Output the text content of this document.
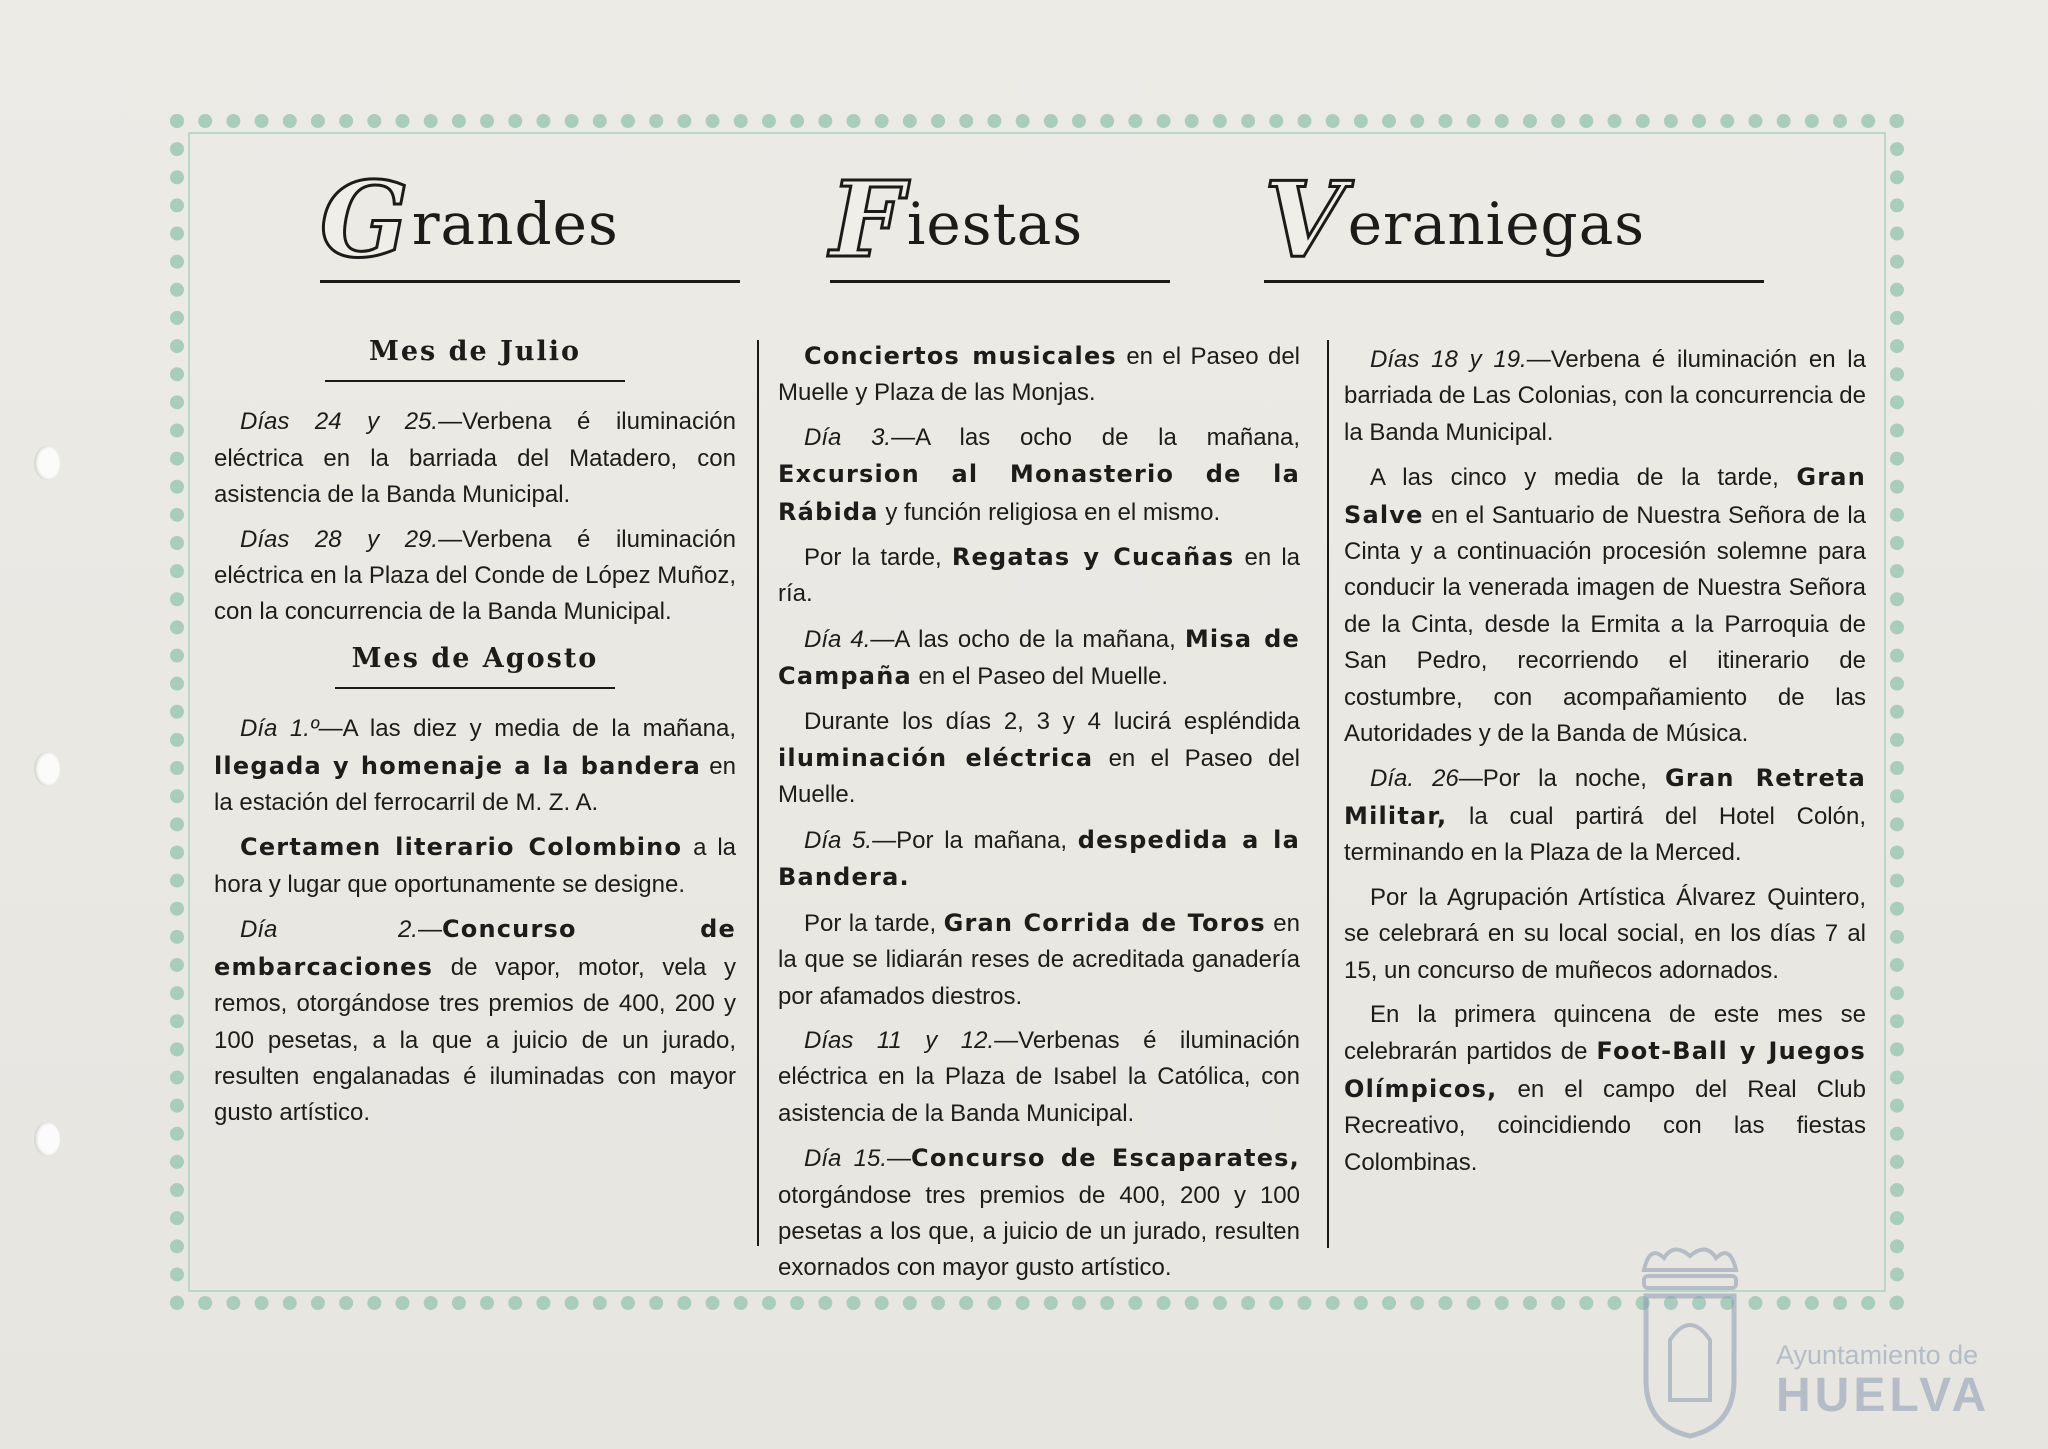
Grandes	Fiestas	Veraniegas
Mes de Julio

Días 24 y 25.—Verbena é iluminación eléctrica en la barriada del Matadero, con asistencia de la Banda Municipal.

Días 28 y 29.—Verbena é iluminación eléctrica en la Plaza del Conde de López Muñoz, con la concurrencia de la Banda Municipal.

Mes de Agosto

Día 1.º—A las diez y media de la mañana, llegada y homenaje a la bandera en la estación del ferrocarril de M. Z. A.

Certamen literario Colombino a la hora y lugar que oportunamente se designe.

Día 2.—Concurso de embarcaciones de vapor, motor, vela y remos, otorgándose tres premios de 400, 200 y 100 pesetas, a la que a juicio de un jurado, resulten engalanadas é iluminadas con mayor gusto artístico.

Conciertos musicales en el Paseo del Muelle y Plaza de las Monjas.

Día 3.—A las ocho de la mañana, Excursion al Monasterio de la Rábida y función religiosa en el mismo.

Por la tarde, Regatas y Cucañas en la ría.

Día 4.—A las ocho de la mañana, Misa de Campaña en el Paseo del Muelle.

Durante los días 2, 3 y 4 lucirá espléndida iluminación eléctrica en el Paseo del Muelle.

Día 5.—Por la mañana, despedida a la Bandera.

Por la tarde, Gran Corrida de Toros en la que se lidiarán reses de acreditada ganadería por afamados diestros.

Días 11 y 12.—Verbenas é iluminación eléctrica en la Plaza de Isabel la Católica, con asistencia de la Banda Municipal.

Día 15.—Concurso de Escaparates, otorgándose tres premios de 400, 200 y 100 pesetas a los que, a juicio de un jurado, resulten exornados con mayor gusto artístico.

Días 18 y 19.—Verbena é iluminación en la barriada de Las Colonias, con la concurrencia de la Banda Municipal.

A las cinco y media de la tarde, Gran Salve en el Santuario de Nuestra Señora de la Cinta y a continuación procesión solemne para conducir la venerada imagen de Nuestra Señora de la Cinta, desde la Ermita a la Parroquia de San Pedro, recorriendo el itinerario de costumbre, con acompañamiento de las Autoridades y de la Banda de Música.

Día. 26—Por la noche, Gran Retreta Militar, la cual partirá del Hotel Colón, terminando en la Plaza de la Merced.

Por la Agrupación Artística Álvarez Quintero, se celebrará en su local social, en los días 7 al 15, un concurso de muñecos adornados.

En la primera quincena de este mes se celebrarán partidos de Foot-Ball y Juegos Olímpicos, en el campo del Real Club Recreativo, coincidiendo con las fiestas Colombinas.

Ayuntamiento de
HUELVA
